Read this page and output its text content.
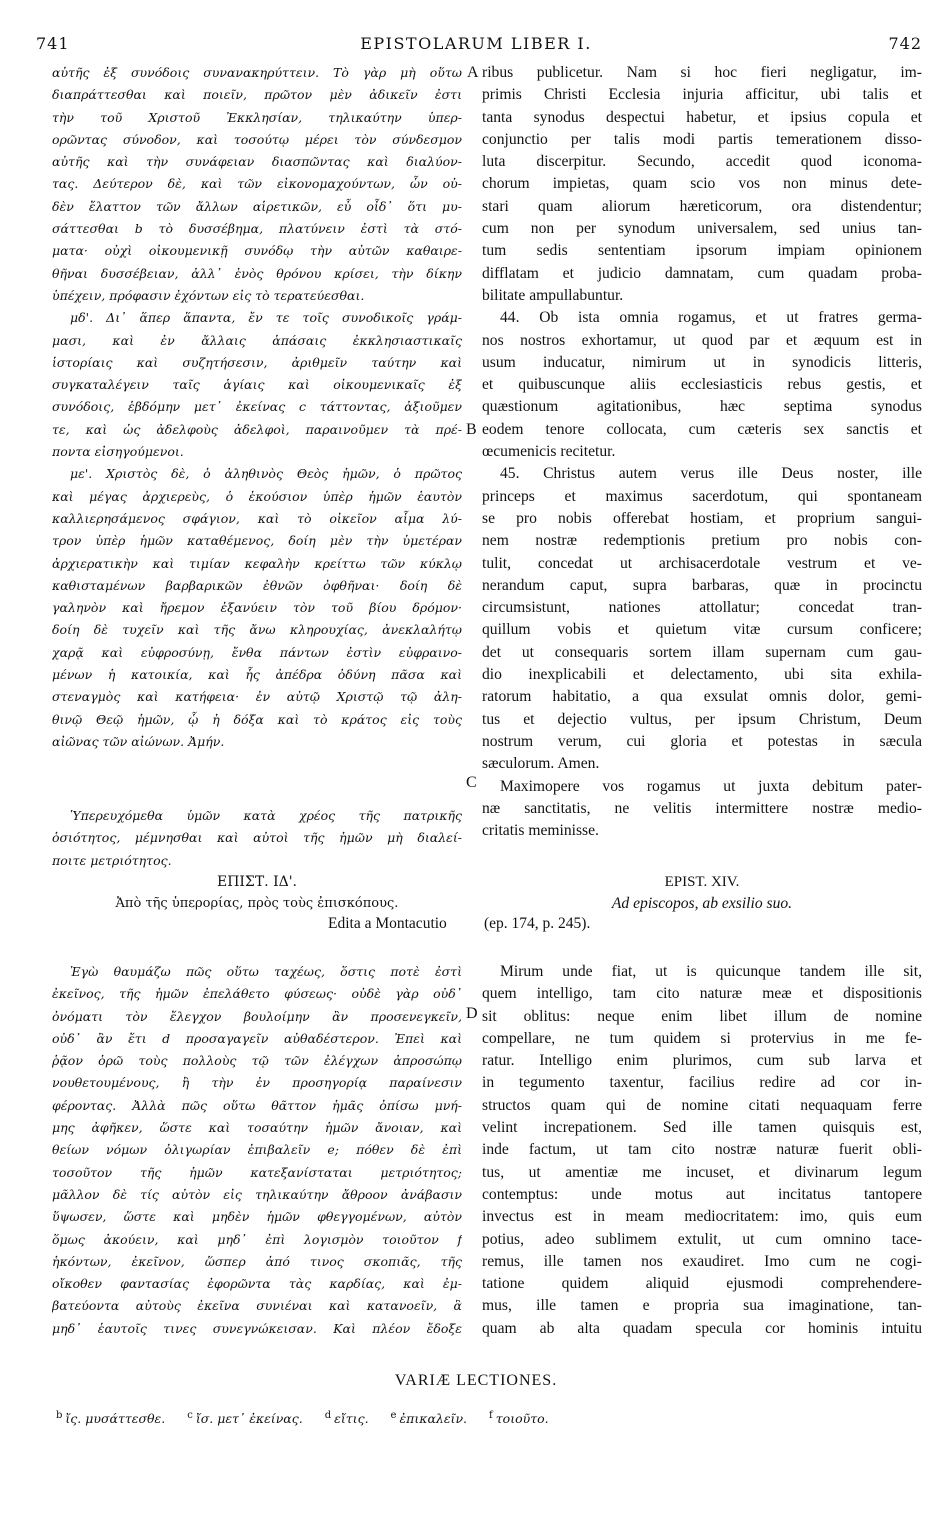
741	EPISTOLARUM LIBER I.	742
αὐτῆς ἐξ συνόδοις συνανακηρύττειν. Τὸ γὰρ μὴ οὕτω
διαπράττεσθαι καὶ ποιεῖν, πρῶτον μὲν ἀδικεῖν ἐστι
τὴν τοῦ Χριστοῦ Ἐκκλησίαν, τηλικαύτην ὑπερ-
ορῶντας σύνοδον, καὶ τοσούτῳ μέρει τὸν σύνδεσμον
αὐτῆς καὶ τὴν συνάφειαν διασπῶντας καὶ διαλύον-
τας. Δεύτερον δὲ, καὶ τῶν εἰκονομαχούντων, ὧν οὐ-
δὲν ἔλαττον τῶν ἄλλων αἱρετικῶν, εὖ οἶδ᾽ ὅτι μυ-
σάττεσθαι b τὸ δυσσέβημα, πλατύνειν ἐστὶ τὰ στό-
ματα· οὐχὶ οἰκουμενικῇ συνόδῳ τὴν αὐτῶν καθαιρε-
θῆναι δυσσέβειαν, ἀλλ᾽ ἑνὸς θρόνου κρίσει, τὴν δίκην
ὑπέχειν, πρόφασιν ἐχόντων εἰς τὸ τερατεύεσθαι.
μδ'. Δι᾽ ἅπερ ἅπαντα, ἔν τε τοῖς συνοδικοῖς γράμ-
μασι, καὶ ἐν ἄλλαις ἁπάσαις ἐκκλησιαστικαῖς
ἱστορίαις καὶ συζητήσεσιν, ἀριθμεῖν ταύτην καὶ
συγκαταλέγειν ταῖς ἁγίαις καὶ οἰκουμενικαῖς ἐξ
συνόδοις, ἑβδόμην μετ᾽ ἐκείνας c τάττοντας, ἀξιοῦμεν
τε, καὶ ὡς ἀδελφοὺς ἀδελφοὶ, παραινοῦμεν τὰ πρέ-
ποντα εἰσηγούμενοι.
με'. Χριστὸς δὲ, ὁ ἀληθινὸς Θεὸς ἡμῶν, ὁ πρῶτος
καὶ μέγας ἀρχιερεὺς, ὁ ἑκούσιον ὑπὲρ ἡμῶν ἑαυτὸν
καλλιερησάμενος σφάγιον, καὶ τὸ οἰκεῖον αἷμα λύ-
τρον ὑπὲρ ἡμῶν καταθέμενος, δοίη μὲν τὴν ὑμετέραν
ἀρχιερατικὴν καὶ τιμίαν κεφαλὴν κρείττω τῶν κύκλῳ
καθισταμένων βαρβαρικῶν ἐθνῶν ὀφθῆναι· δοίη δὲ
γαληνὸν καὶ ἤρεμον ἐξανύειν τὸν τοῦ βίου δρόμον·
δοίη δὲ τυχεῖν καὶ τῆς ἄνω κληρουχίας, ἀνεκλαλήτῳ
χαρᾷ καὶ εὐφροσύνῃ, ἔνθα πάντων ἐστὶν εὐφραινο-
μένων ἡ κατοικία, καὶ ἧς ἀπέδρα ὀδύνη πᾶσα καὶ
στεναγμὸς καὶ κατήφεια· ἐν αὐτῷ Χριστῷ τῷ ἀλη-
θινῷ Θεῷ ἡμῶν, ᾧ ἡ δόξα καὶ τὸ κράτος εἰς τοὺς
αἰῶνας τῶν αἰώνων. Ἀμήν.
Ὑπερευχόμεθα ὑμῶν κατὰ χρέος τῆς πατρικῆς
ὁσιότητος, μέμνησθαι καὶ αὐτοὶ τῆς ἡμῶν μὴ διαλεί-
ποιτε μετριότητος.
ΕΠΙΣΤ. ΙΔ'.
Ἀπὸ τῆς ὑπερορίας, πρὸς τοὺς ἐπισκόπους.
Edita a Montacutio (ep. 174, p. 245).
Ἐγὼ θαυμάζω πῶς οὕτω ταχέως, ὅστις ποτὲ ἐστὶ
ἐκεῖνος, τῆς ἡμῶν ἐπελάθετο φύσεως· οὐδὲ γὰρ οὐδ᾽
ὀνόματι τὸν ἔλεγχον βουλοίμην ἂν προσενεγκεῖν,
οὐδ᾽ ἂν ἔτι d προσαγαγεῖν αὐθαδέστερον. Ἐπεὶ καὶ
ῥᾷον ὁρῶ τοὺς πολλοὺς τῷ τῶν ἐλέγχων ἀπροσώπῳ
νουθετουμένους, ἢ τὴν ἐν προσηγορίᾳ παραίνεσιν
φέροντας. Ἀλλὰ πῶς οὕτω θᾶττον ἡμᾶς ὀπίσω μνή-
μης ἀφῆκεν, ὥστε καὶ τοσαύτην ἡμῶν ἄνοιαν, καὶ
θείων νόμων ὀλιγωρίαν ἐπιβαλεῖν e; πόθεν δὲ ἐπὶ
τοσοῦτον τῆς ἡμῶν κατεξανίσταται μετριότητος;
μᾶλλον δὲ τίς αὐτὸν εἰς τηλικαύτην ἄθροον ἀνάβασιν
ὕψωσεν, ὥστε καὶ μηδὲν ἡμῶν φθεγγομένων, αὐτὸν
ὅμως ἀκούειν, καὶ μηδ᾽ ἐπὶ λογισμὸν τοιοῦτον f
ἡκόντων, ἐκεῖνον, ὥσπερ ἀπό τινος σκοπιᾶς, τῆς
οἴκοθεν φαντασίας ἐφορῶντα τὰς καρδίας, καὶ ἐμ-
βατεύοντα αὐτοὺς ἐκεῖνα συνιέναι καὶ κατανοεῖν, ἃ
μηδ᾽ ἑαυτοῖς τινες συνεγνώκεισαν. Καὶ πλέον ἔδοξε
ribus publicetur. Nam si hoc fieri negligatur, im-
primis Christi Ecclesia injuria afficitur, ubi talis et
tanta synodus despectui habetur, et ipsius copula et
conjunctio per talis modi partis temerationem disso-
luta discerpitur. Secundo, accedit quod iconoma-
chorum impietas, quam scio vos non minus dete-
stari quam aliorum hæreticorum, ora distendentur;
cum non per synodum universalem, sed unius tan-
tum sedis sententiam ipsorum impiam opinionem
difflatam et judicio damnatam, cum quadam proba-
bilitate ampullabuntur.
44. Ob ista omnia rogamus, et ut fratres germa-
nos nostros exhortamur, ut quod par et æquum est in
usum inducatur, nimirum ut in synodicis litteris,
et quibuscunque aliis ecclesiasticis rebus gestis, et
quæstionum agitationibus, hæc septima synodus
eodem tenore collocata, cum cæteris sex sanctis et
œcumenicis recitetur.
45. Christus autem verus ille Deus noster, ille
princeps et maximus sacerdotum, qui spontaneam
se pro nobis offerebat hostiam, et proprium sangui-
nem nostræ redemptionis pretium pro nobis con-
tulit, concedat ut archisacerdotale vestrum et ve-
nerandum caput, supra barbaras, quæ in procinctu
circumsistunt, nationes attollatur; concedat tran-
quillum vobis et quietum vitæ cursum conficere;
det ut consequaris sortem illam supernam cum gau-
dio inexplicabili et delectamento, ubi sita exhila-
ratorum habitatio, a qua exsulat omnis dolor, gemi-
tus et dejectio vultus, per ipsum Christum, Deum
nostrum verum, cui gloria et potestas in sæcula
sæculorum. Amen.
Maximopere vos rogamus ut juxta debitum pater-
næ sanctitatis, ne velitis intermittere nostræ medio-
critatis meminisse.
EPIST. XIV.
Ad episcopos, ab exsilio suo.
Mirum unde fiat, ut is quicunque tandem ille sit,
quem intelligo, tam cito naturæ meæ et dispositionis
sit oblitus: neque enim libet illum de nomine
compellare, ne tum quidem si protervius in me fe-
ratur. Intelligo enim plurimos, cum sub larva et
in tegumento taxentur, facilius redire ad cor in-
structos quam qui de nomine citati nequaquam ferre
velint increpationem. Sed ille tamen quisquis est,
inde factum, ut tam cito nostræ naturæ fuerit obli-
tus, ut amentiæ me incuset, et divinarum legum
contemptus: unde motus aut incitatus tantopere
invectus est in meam mediocritatem: imo, quis eum
potius, adeo sublimem extulit, ut cum omnino tace-
remus, ille tamen nos exaudiret. Imo cum ne cogi-
tatione quidem aliquid ejusmodi comprehendere-
mus, ille tamen e propria sua imaginatione, tan-
quam ab alta quadam specula cor hominis intuitu
A
B
C
D
VARIÆ LECTIONES.
$^b$ ἴς. μυσάττεσθε. $^c$ ἴσ. μετ᾽ ἐκείνας. $^d$ εἴτις. $^e$ ἐπικαλεῖν. $^f$ τοιοῦτο.
